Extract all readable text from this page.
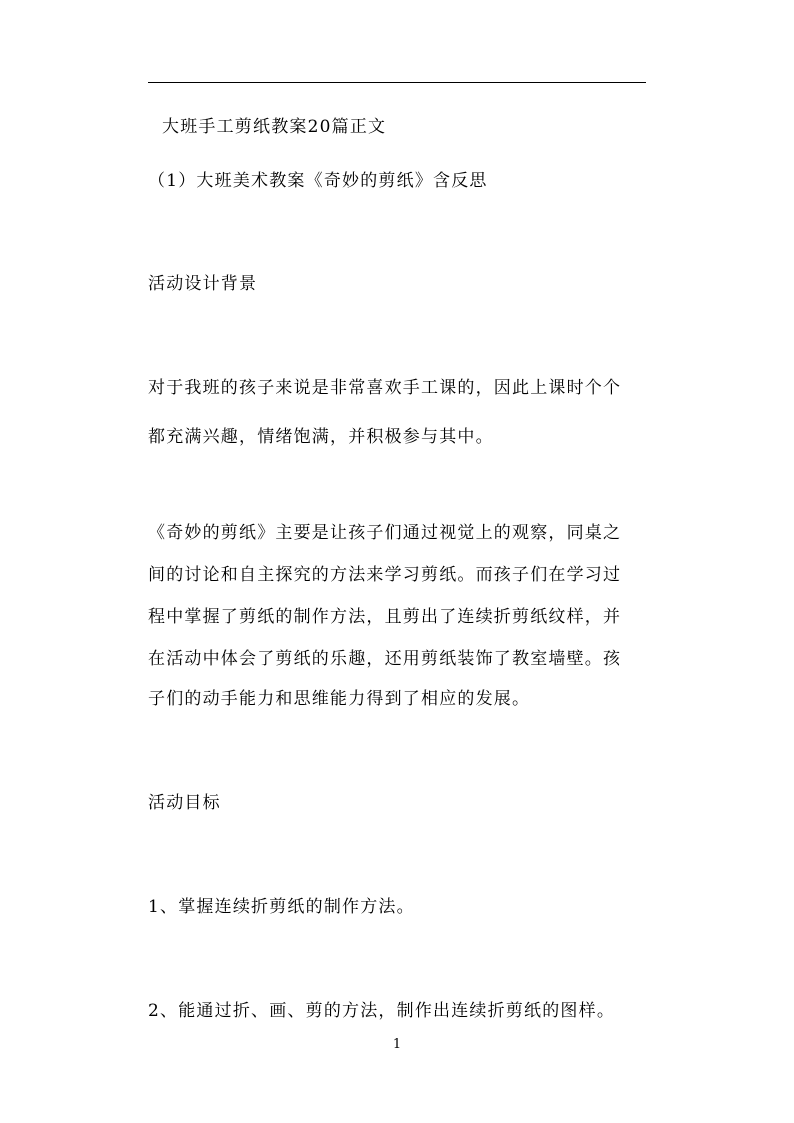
大班手工剪纸教案20篇正文
（1）大班美术教案《奇妙的剪纸》含反思
活动设计背景
对于我班的孩子来说是非常喜欢手工课的，因此上课时个个
都充满兴趣，情绪饱满，并积极参与其中。
《奇妙的剪纸》主要是让孩子们通过视觉上的观察，同桌之
间的讨论和自主探究的方法来学习剪纸。而孩子们在学习过
程中掌握了剪纸的制作方法，且剪出了连续折剪纸纹样，并
在活动中体会了剪纸的乐趣，还用剪纸装饰了教室墙壁。孩
子们的动手能力和思维能力得到了相应的发展。
活动目标
1、掌握连续折剪纸的制作方法。
2、能通过折、画、剪的方法，制作出连续折剪纸的图样。
1
